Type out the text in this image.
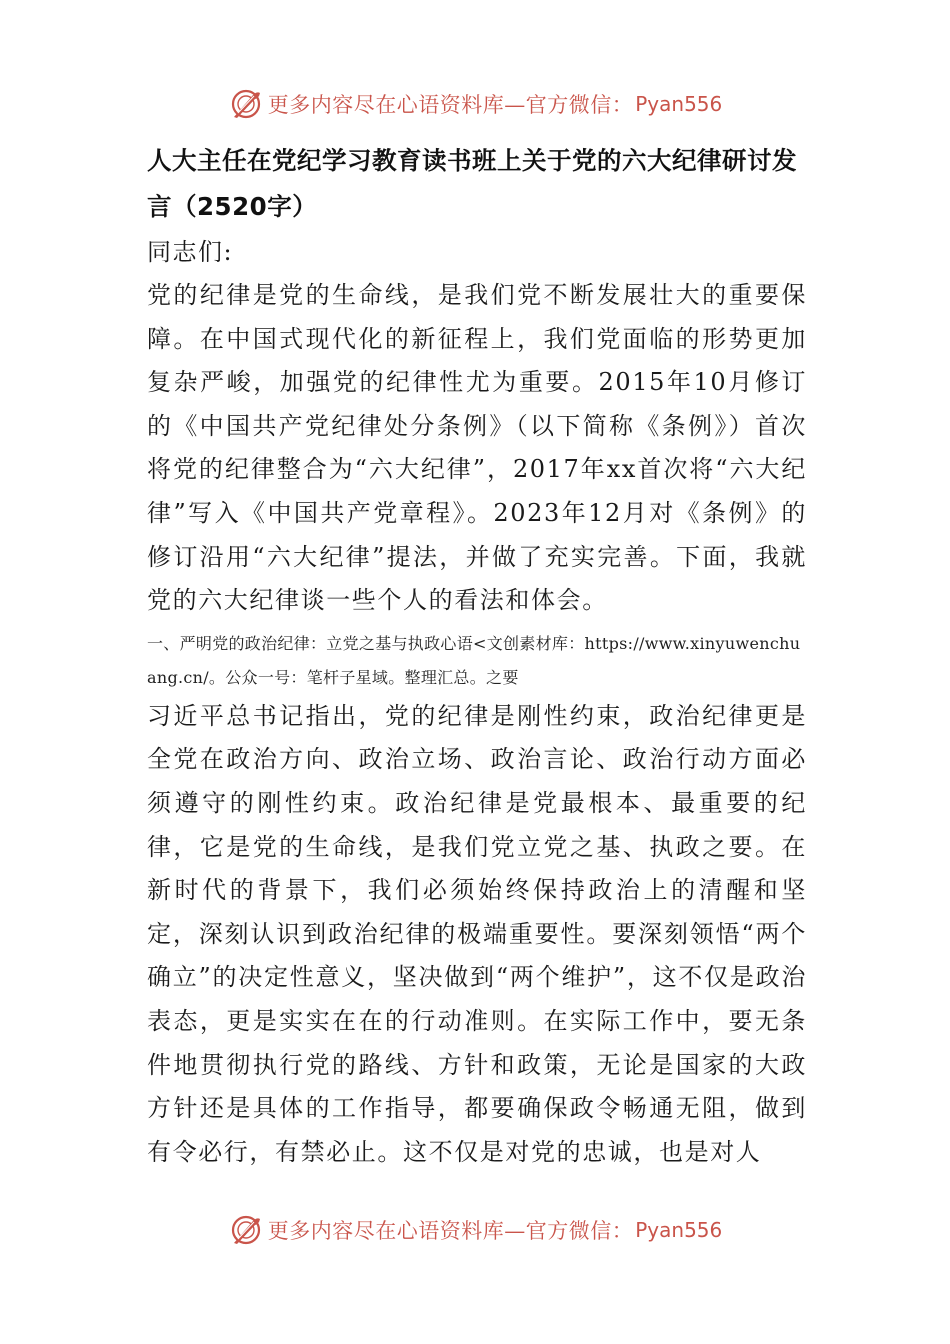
更多内容尽在心语资料库—官方微信： Pyan556
人大主任在党纪学习教育读书班上关于党的六大纪律研讨发言（2520字）

同志们:

党的纪律是党的生命线，是我们党不断发展壮大的重要保障。在中国式现代化的新征程上，我们党面临的形势更加复杂严峻，加强党的纪律性尤为重要。2015年10月修订的《中国共产党纪律处分条例》（以下简称《条例》）首次将党的纪律整合为“六大纪律”，2017年xx首次将“六大纪律”写入《中国共产党章程》。2023年12月对《条例》的修订沿用“六大纪律”提法，并做了充实完善。下面，我就党的六大纪律谈一些个人的看法和体会。

一、严明党的政治纪律：立党之基与执政心语<文创素材库：https://www.xinyuwenchuang.cn/。公众一号：笔杆子星域。整理汇总。之要

习近平总书记指出，党的纪律是刚性约束，政治纪律更是全党在政治方向、政治立场、政治言论、政治行动方面必须遵守的刚性约束。政治纪律是党最根本、最重要的纪律，它是党的生命线，是我们党立党之基、执政之要。在新时代的背景下，我们必须始终保持政治上的清醒和坚定，深刻认识到政治纪律的极端重要性。要深刻领悟“两个确立”的决定性意义，坚决做到“两个维护”，这不仅是政治表态，更是实实在在的行动准则。在实际工作中，要无条件地贯彻执行党的路线、方针和政策，无论是国家的大政方针还是具体的工作指导，都要确保政令畅通无阻，做到有令必行，有禁必止。这不仅是对党的忠诚，也是对人

更多内容尽在心语资料库—官方微信： Pyan556
